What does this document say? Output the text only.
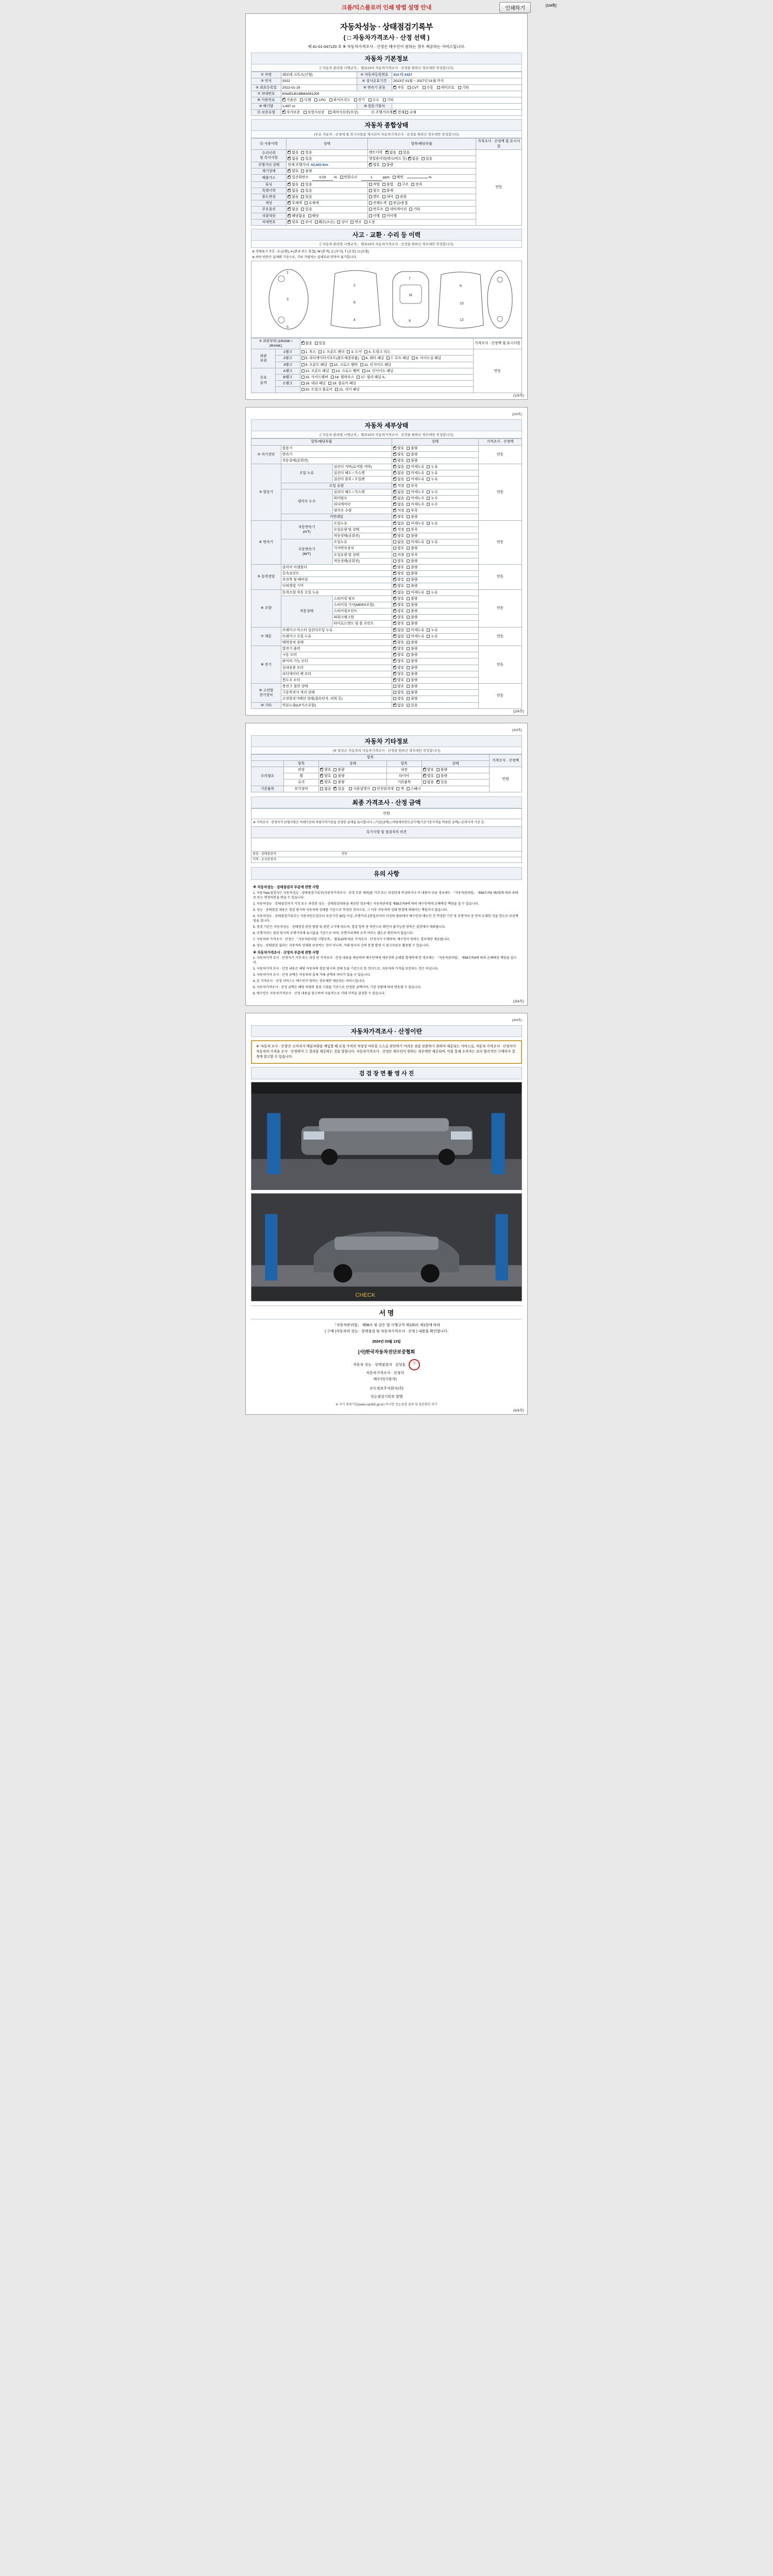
크롬/익스플로러 인쇄 방법 설명 안내	인쇄하기	(1/4쪽)
자동차성능 · 상태점검기록부
( □ 자동차가격조사 · 산정 선택 )
제 41-01-0471Z0 호 ※ 자동차가격조사 · 산정은 매수인이 원하는 경우 제공하는 서비스입니다.
자동차 기본정보
(「자동차 관리법 시행규칙」 별표10의 자동차가격조사 · 산정을 원하신 경우에만 작성합니다)
① 차명	쉐보레 크루즈(신형)	② 자동차등록번호	314 다 4327
③ 연식	2022	④ 검사유효기간	2023년 01월 ~ 2027년 01월 까지
⑤ 최초등록일	2022-01-19	⑥ 변속기 종류	✔자동 CVT 수동 세미오토 기타
⑦ 차대번호	KNAELB14BMA091200		
⑧ 사용연료	✔가솔린 디젤 LPG 하이브리드 전기 수소 기타
⑨ 배기량	1,497 cc	⑩ 원동기형식	
⑪ 보증유형	✔자가보증 보험사보증 제작사보증(무상) ⑫ 주행거리계 ✔현재 교체
자동차 종합상태
(주요 자동차 · 산정에 필 복기사항을 제시되어 자동차가격조사 · 산정을 원하신 경우에만 작성합니다)
⑬ 사용이력	상태	항목/해당부품	가격조사 · 산정액 필 표시사항
수리이력
및 특이사항	✔없음 있음	렌트이력   ✔없음 있음	연동
✔없음 있음	영업용이력(택시/버스 등) ✔없음 있음
주행거리 상태	현재 주행거리  53,443 Km	✔양호 불량
계기상태	✔양호 불량
배출가스	✔일산화탄소 0.03 %   탄화수소 1 ppm   매연 %
튜닝	✔없음 있음	적법 불법 구조 장치	
특별이력	✔없음 있음	침수 화재	
용도변경	✔없음 있음	렌트 대여 관용	
색상	✔무채색 유채색	전체도색 판금/용접	
주요옵션	✔없음 있음	썬루프 내비게이션 기타	
리콜대상	✔해당없음 해당	이행 미이행	
차대번호	✔양호 부식 훼손(오손) 상이 변조 도말
사고 · 교환 · 수리 등 이력
(「자동차 관리법 시행규칙」 별표10의 자동차가격조사 · 산정을 원하신 경우에만 작성합니다)
※ 상태표시 부호 : X (교환), A (판금 또는 용접), W (흔적), C (부식), T (손상), U (요철)
※ 하단 빈란은 실제와 기준으로, 기타 가볍차는 실제부위 칸막이 표기합니다.
1
3
5
2
6
4
7
M
9
8
10
12
① 외판부위 (1RANK / 2RANK)	✔없음 있음	가격조사 · 산정액 필 표시사항
외판
부위	1랭크	1. 후드 2. 프론트 펜더 3. 도어 4. 트렁크 리드	연동
	2랭크	5. 라디에이터서포트(볼트체결부품) 6. 쿼터 패널 7. 루프 패널 8. 사이드실 패널	
	3랭크	9. 프론트 패널 10. 크로스 멤버 11. 인사이드 패널	
주요
골격	A랭크	12. 프론트 패널 13. 크로스 멤버 14. 인사이드 패널	
	B랭크	15. 사이드멤버 16. 휠하우스 17. 필러 패널 A,	
	C랭크	18. 대쉬 패널 19. 플로어 패널	
		20. 트렁크 플로어 21. 리어 패널	
(1/4쪽)
(2/4쪽)
자동차 세부상태
(「자동차 관리법 시행규칙」 별표10의 자동차가격조사 · 산정을 원하신 경우에만 작성합니다)
항목/해당부품			상태	가격조사 · 산정액
② 자기진단	원동기	✔양호 불량	연동
	변속기	✔양호 불량
	작동상태(공회전)	✔양호 불량
③ 원동기	오일 누유	실린더 커버(로커암 커버)	✔없음 미세누유 누유	연동
		실린더 헤드 / 가스켓	✔없음 미세누유 누유
		실린더 블록 / 오일팬	✔없음 미세누유 누유
	오일 유량	✔적정 부족
	냉각수 누수	실린더 헤드 / 가스켓	✔없음 미세누수 누수
		워터펌프	✔없음 미세누수 누수
		라디에이터	✔없음 미세누수 누수
		냉각수 수량	✔적정 부족
	커먼레일	✔양호 불량
④ 변속기	자동변속기
(A/T)	오일누유	✔없음 미세누유 누유	연동
		오일유량 및 상태	✔적정 부족
		작동상태(공회전)	✔양호 불량
	수동변속기
(M/T)	오일누유	없음 미세누유 누유	
		기어변속장치	양호 불량	
		오일유량 및 상태	적정 부족	
		작동상태(공회전)	양호 불량	
⑤ 동력전달	클러치 어셈블리	✔양호 불량	연동
	등속죠인트	✔양호 불량
	추진축 및 베어링	✔양호 불량
	디퍼렌셜 기어	✔양호 불량
⑥ 조향	동력조향 작동 오일 누유	✔없음 미세누유 누유	연동
	작동상태	스티어링 펌프	✔양호 불량
		스티어링 기어(MDPS포함)	✔양호 불량
		스티어링조인트	✔양호 불량
		파워크랭크암	✔양호 불량
		타이로드엔드 및 볼 조인트	✔양호 불량
⑦ 제동	브레이크 마스터 실린더오일 누유	✔없음 미세누유 누유	연동
	브레이크 오일 누유	✔없음 미세누유 누유
	배력장치 상태	✔양호 불량
⑧ 전기	발전기 출력	✔양호 불량	연동
	시동 모터	✔양호 불량
	와이퍼 기능 모터	✔양호 불량
	실내송풍 모터	✔양호 불량
	라디에이터 팬 모터	✔양호 불량
	윈도우 모터	✔양호 불량
⑨ 고전원
전기장치	충전구 절연 상태		양호 불량	연동
	구동축전지 격리 상태		양호 불량	
	고전원전기배선 상태(접속단자, 피복 등)		양호 불량	
⑩ 기타	연료누출(LP가스포함)	✔없음 있음
(2/4쪽)
(3/4쪽)
자동차 기타정보
(※ 항목은 자동차의 자동차가격조사 · 산정을 원하신 경우에만 작성합니다)
항목					가격조사 · 산정액
	항목	상태	항목	상태	
수리필요	외장	✔양호 불량	내장	✔양호 불량	만원
	휠	✔양호 불량	타이어	✔양호 불량
	유리	✔양호 불량	기본품목	없음 ✔ 있음
기본품목	부가장비	없음 ✔ 있음 사용설명서 안전삼각대 잭 스패너
최종 가격조사 · 산정 금액
만원
※ 가격조사 · 산정자가 보험사항은 아래기준의 차량가격기준을 산정한 금액을 표시합니다. □기준(금액) □차량제작연도감가액(기준기본가격을 적용한 금액) □신차가격 기준 등
특기사항 및 점검자의 의견

점검 · 상태점검자                                                                            연동
가격 · 조사산정자
유의 사항
※ 자동차성능 · 상태점검자 부분에 관한 사항

1. 자동차etc점검자는 자동차성능 · 상태점검기록부(자동차가격조사 · 산정 부분 제외)를 거짓 또는 과장되게 작성하거나 이 내용이 다른 경우에는 「자동차관리법」 제58조의4 제2항에 따라 과태료 또는 행정처분을 받을 수 있습니다.

2. 자동차성능 · 상태점검자가 거짓 또는 과장된 성능 · 상태점검내용을 제공한 경우에는 자동차관리법 제58조의4에 따라 매수인에게 손해배상 책임을 질 수 있습니다.

3. 성능 · 상태점검 내용은 점검 당시의 자동차의 상태를 기준으로 작성된 것이므로, 그 이후 자동차의 상태 변경에 대해서는 책임지지 않습니다.

4. 자동차성능 · 상태점검기록부는 자동차인도일부터 보증기간 30일 이상, 주행거리 2천킬로미터 이상의 범위에서 매수인과 매도인 간 약정한 기간 및 주행거리 중 먼저 도래한 것을 한도로 보증책임을 집니다.

5. 점검 기준은 자동차성능 · 상태점검 관련 법령 및 관련 고시에 따르며, 점검 항목 중 육안으로 확인이 불가능한 항목은 점검에서 제외됩니다.

6. 주행거리는 점검 당시의 주행거리계 표시값을 기준으로 하며, 주행거리계의 조작 여부는 별도로 확인하지 않습니다.

7. 자동차의 가격조사 · 산정은 「자동차관리법 시행규칙」 별표10에 따른 가격조사 · 산정자가 수행하며, 매수인이 원하는 경우에만 제공됩니다.

8. 성능 · 상태점검 결과는 자동차의 상태를 보증하는 것이 아니며, 거래 당사자 간의 분쟁 발생 시 참고자료로 활용될 수 있습니다.

※ 자동차가격조사 · 산정자 부분에 관한 사항

1. 자동차가격 조사 · 산정자가 거짓 또는 과장 된 가격조사 · 산정 내용을 제공하여 매수인에게 재산상의 손해를 발생하게 한 경우에는 「자동차관리법」 제58조의4에 따라 손해배상 책임을 집니다.

2. 자동차가격 조사 · 산정 내용은 해당 자동차의 점검 당시의 상태 등을 기준으로 한 것이므로, 자동차의 가격을 보증하는 것은 아닙니다.

3. 자동차가격 조사 · 산정 금액은 자동차의 실제 거래 금액과 차이가 있을 수 있습니다.

4. 본 가격조사 · 산정 서비스는 매수인이 원하는 경우에만 제공되는 서비스입니다.

5. 자동차가격조사 · 산정 금액은 해당 차량의 점검 시점을 기준으로 산정된 금액이며, 시장 상황에 따라 변동될 수 있습니다.

6. 매수인은 자동차가격조사 · 산정 내용을 참고하여 자율적으로 거래 가격을 결정할 수 있습니다.

(3/4쪽)
(4/4쪽)
자동차가격조사 · 산정이란
※ '자동차 조사 · 산정'은 소비자가 매물차량을 매입할 때 요청 가격의 적정성 여부를 스스로 판단하기 어려운 점을 보완하기 위하여 제공되는 서비스로, 자동차 가격조사 · 산정자가 자동차의 가격을 조사 · 산정하여 그 결과를 제공하는 것을 말합니다. 자동차가격조사 · 산정은 매수인이 원하는 경우에만 제공되며, 이를 통해 소비자는 보다 합리적인 구매의사 결정에 참고할 수 있습니다.
검 검 장 면 촬 영 사 진
CHECK
서 명
「자동차관리법」 제58조 및 같은 법 시행규칙 제120조 제1항에 따라
( 구매 )자동차의 성능 · 상태점검 및 자동차가격조사 · 산정 ) 내용을 확인합니다.
2024년 03월 13일
[사]한국자동차진단보증협회
자동차 성능 · 상태점검자 김상훈 인
자동차가격조사 · 산정자
매수인(사용자)
모두정보주식회사(주)
성능점검기록부 발행
※ 자기 회원가입(www.car365.go.kr) 하시면 성능점검 결과 및 원본확인 하기
(4/4쪽)
